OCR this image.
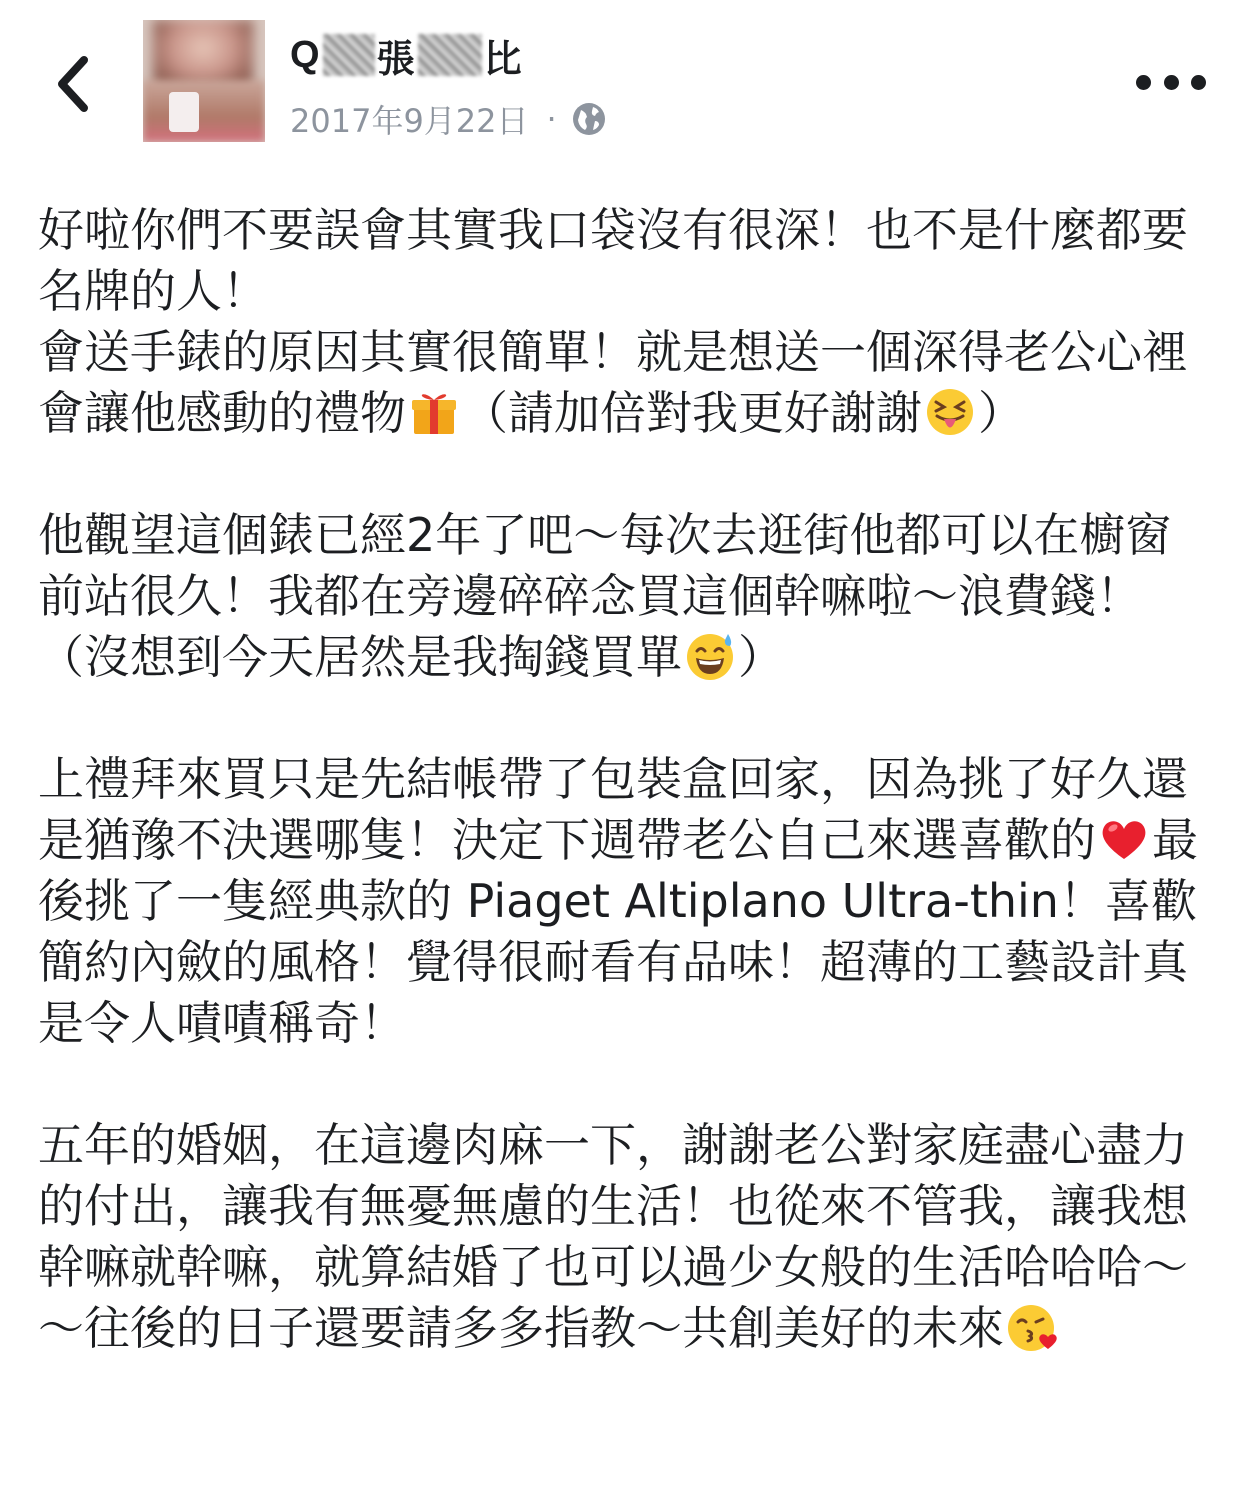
Q 張 比
2017年9月22日 ·
好啦你們不要誤會其實我口袋沒有很深！也不是什麼都要名牌的人！
會送手錶的原因其實很簡單！就是想送一個深得老公心裡會讓他感動的禮物 （請加倍對我更好謝謝 ）
他觀望這個錶已經2年了吧～每次去逛街他都可以在櫥窗前站很久！我都在旁邊碎碎念買這個幹嘛啦～浪費錢！（沒想到今天居然是我掏錢買單 ）
上禮拜來買只是先結帳帶了包裝盒回家，因為挑了好久還是猶豫不決選哪隻！決定下週帶老公自己來選喜歡的 最後挑了一隻經典款的 Piaget Altiplano Ultra-thin！喜歡簡約內斂的風格！覺得很耐看有品味！超薄的工藝設計真是令人嘖嘖稱奇！
五年的婚姻，在這邊肉麻一下，謝謝老公對家庭盡心盡力的付出，讓我有無憂無慮的生活！也從來不管我，讓我想幹嘛就幹嘛，就算結婚了也可以過少女般的生活哈哈哈～～往後的日子還要請多多指教～共創美好的未來
